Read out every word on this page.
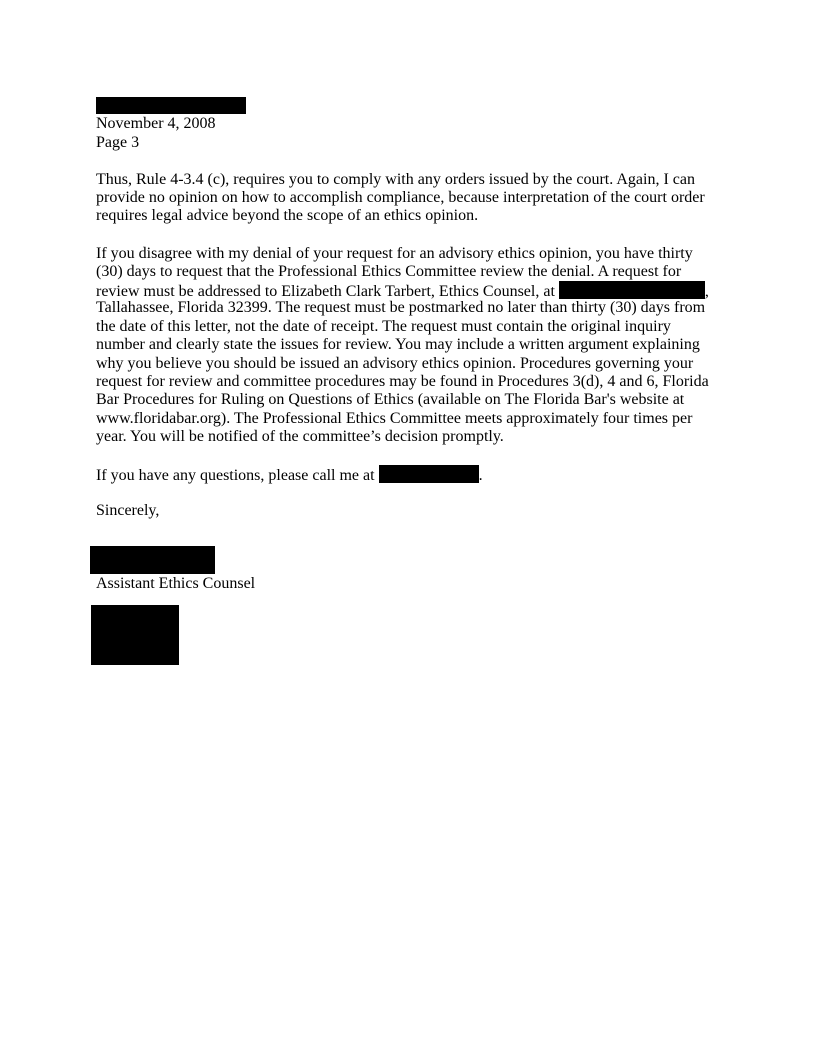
November 4, 2008
Page 3
Thus, Rule 4-3.4 (c), requires you to comply with any orders issued by the court. Again, I can
provide no opinion on how to accomplish compliance, because interpretation of the court order
requires legal advice beyond the scope of an ethics opinion.
If you disagree with my denial of your request for an advisory ethics opinion, you have thirty
(30) days to request that the Professional Ethics Committee review the denial. A request for
review must be addressed to Elizabeth Clark Tarbert, Ethics Counsel, at	,
Tallahassee, Florida 32399. The request must be postmarked no later than thirty (30) days from
the date of this letter, not the date of receipt. The request must contain the original inquiry
number and clearly state the issues for review. You may include a written argument explaining
why you believe you should be issued an advisory ethics opinion. Procedures governing your
request for review and committee procedures may be found in Procedures 3(d), 4 and 6, Florida
Bar Procedures for Ruling on Questions of Ethics (available on The Florida Bar's website at
www.floridabar.org). The Professional Ethics Committee meets approximately four times per
year. You will be notified of the committee’s decision promptly.
If you have any questions, please call me at	.
Sincerely,
Assistant Ethics Counsel
